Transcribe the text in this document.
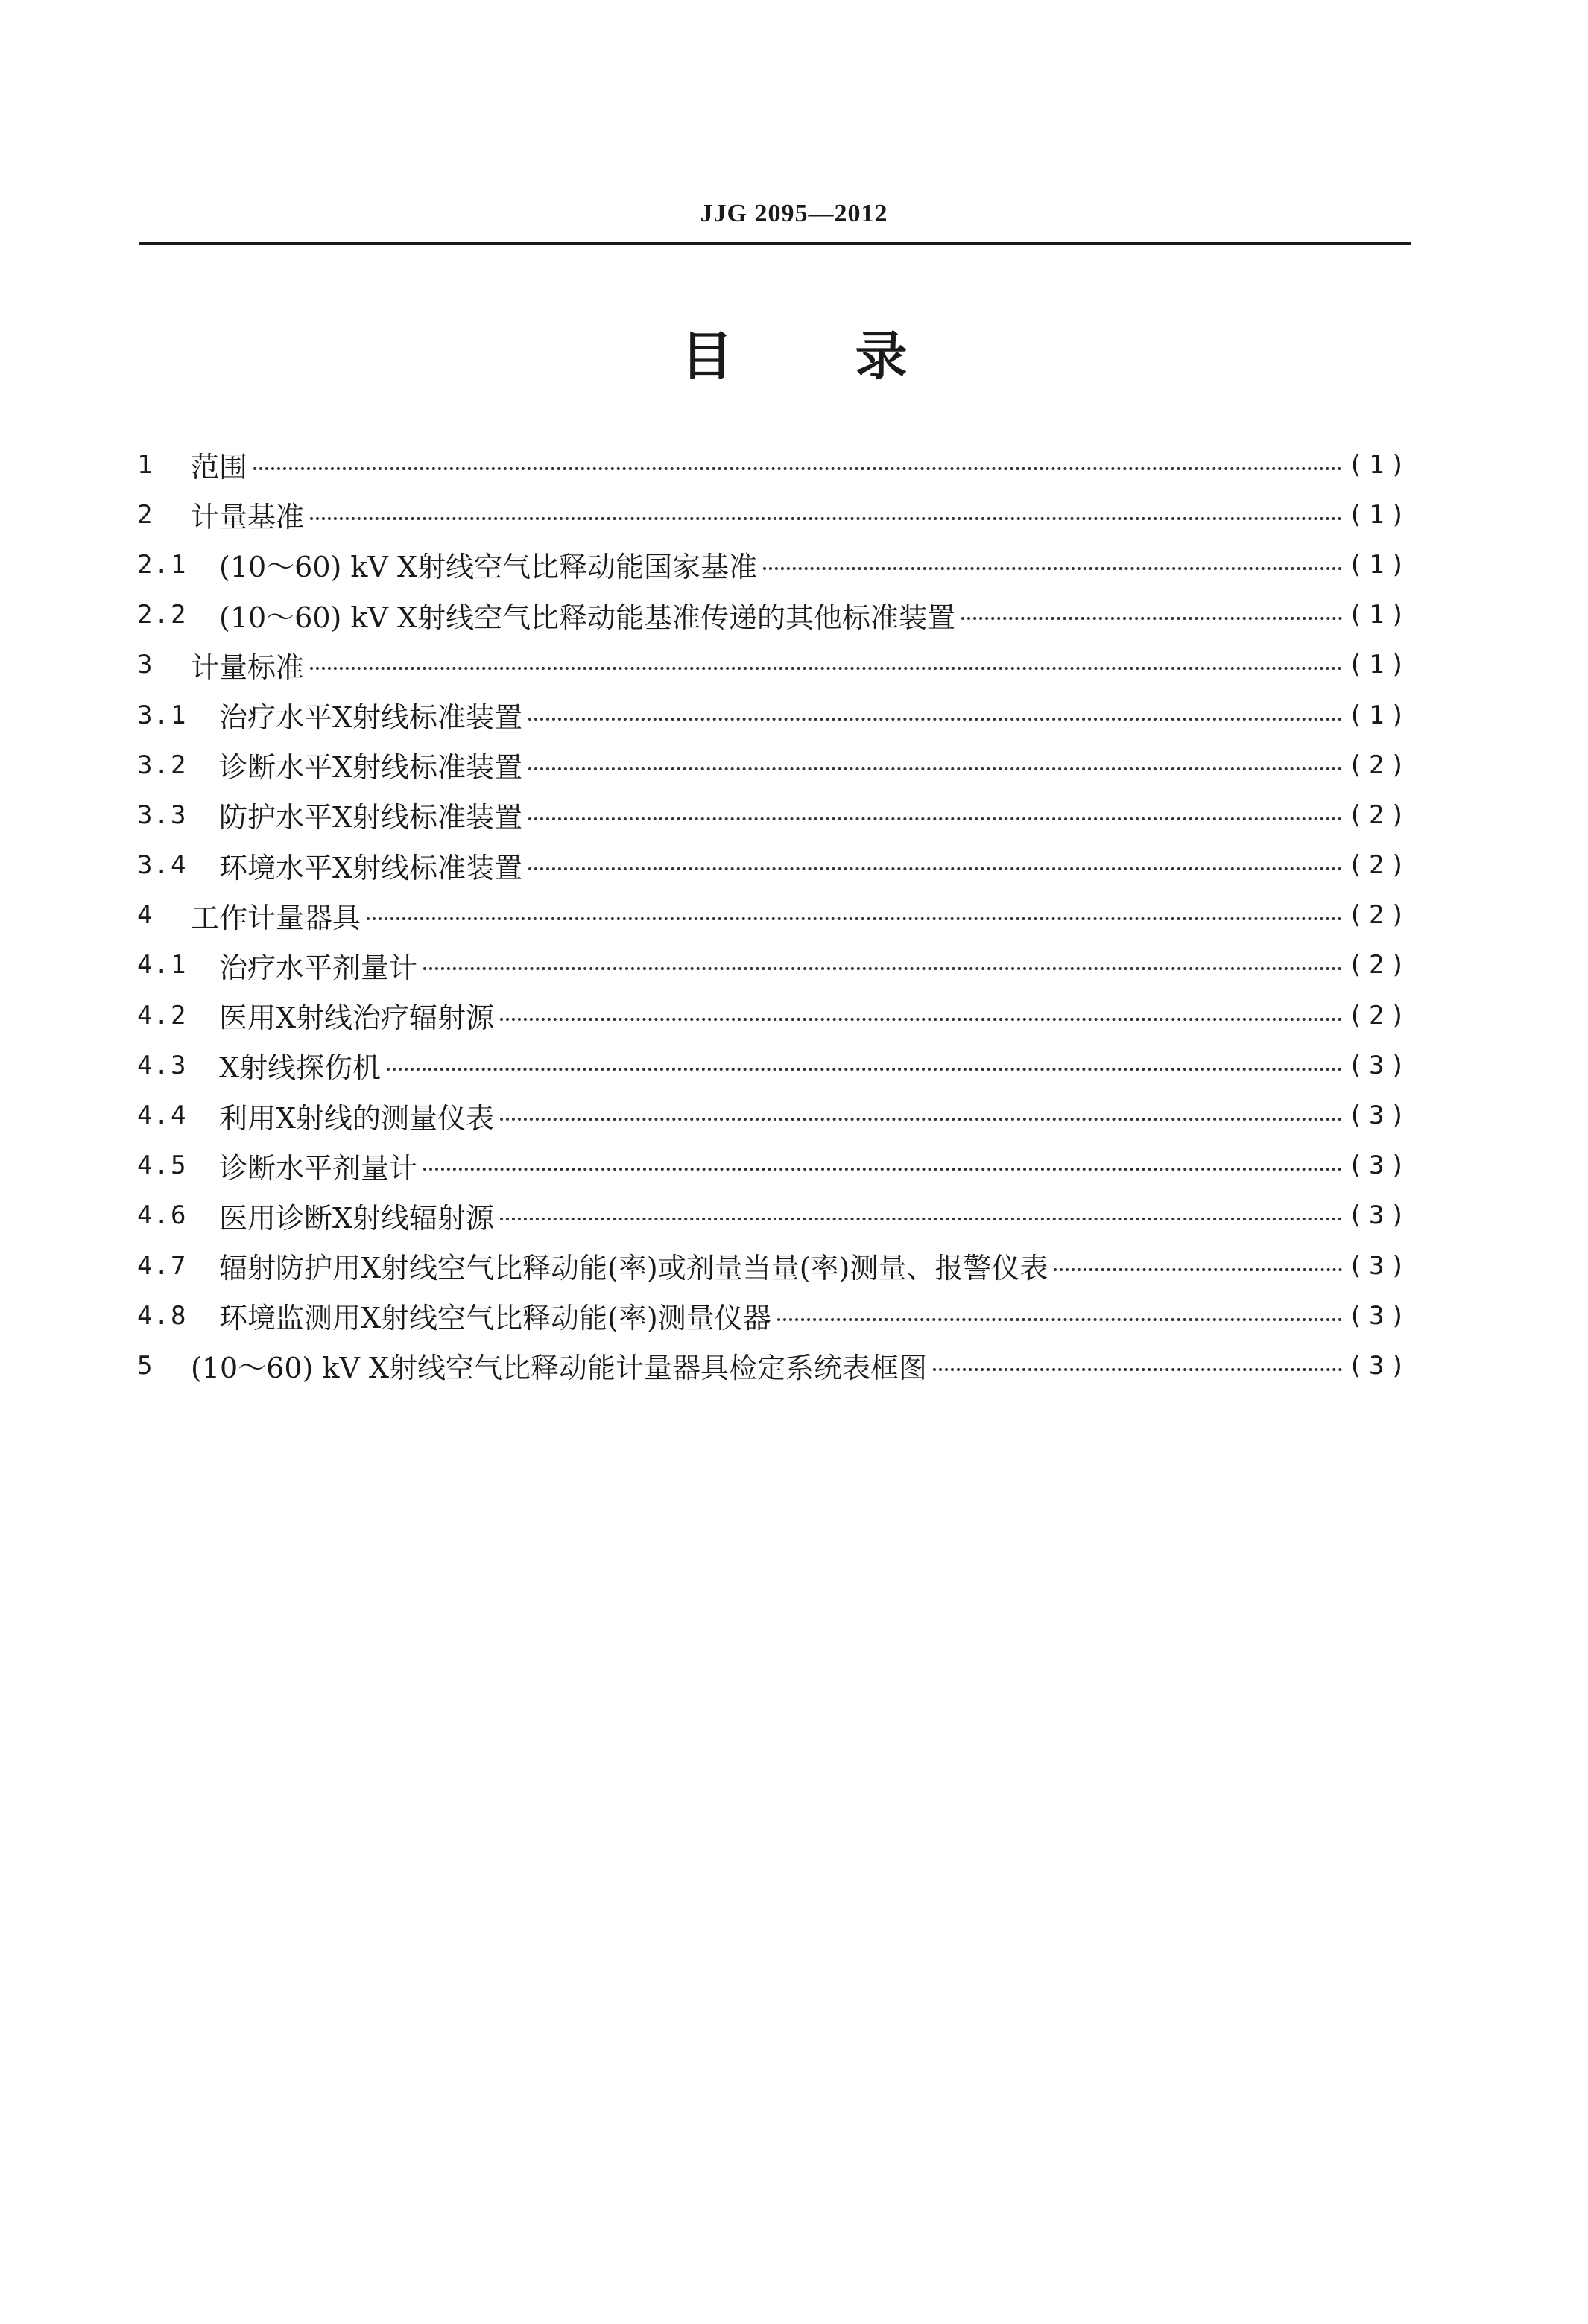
JJG 2095—2012
目 录
1	范围	(1)
2	计量基准	(1)
2.1	(10～60) kV X射线空气比释动能国家基准	(1)
2.2	(10～60) kV X射线空气比释动能基准传递的其他标准装置	(1)
3	计量标准	(1)
3.1	治疗水平X射线标准装置	(1)
3.2	诊断水平X射线标准装置	(2)
3.3	防护水平X射线标准装置	(2)
3.4	环境水平X射线标准装置	(2)
4	工作计量器具	(2)
4.1	治疗水平剂量计	(2)
4.2	医用X射线治疗辐射源	(2)
4.3	X射线探伤机	(3)
4.4	利用X射线的测量仪表	(3)
4.5	诊断水平剂量计	(3)
4.6	医用诊断X射线辐射源	(3)
4.7	辐射防护用X射线空气比释动能(率)或剂量当量(率)测量、报警仪表	(3)
4.8	环境监测用X射线空气比释动能(率)测量仪器	(3)
5	(10～60) kV X射线空气比释动能计量器具检定系统表框图	(3)
